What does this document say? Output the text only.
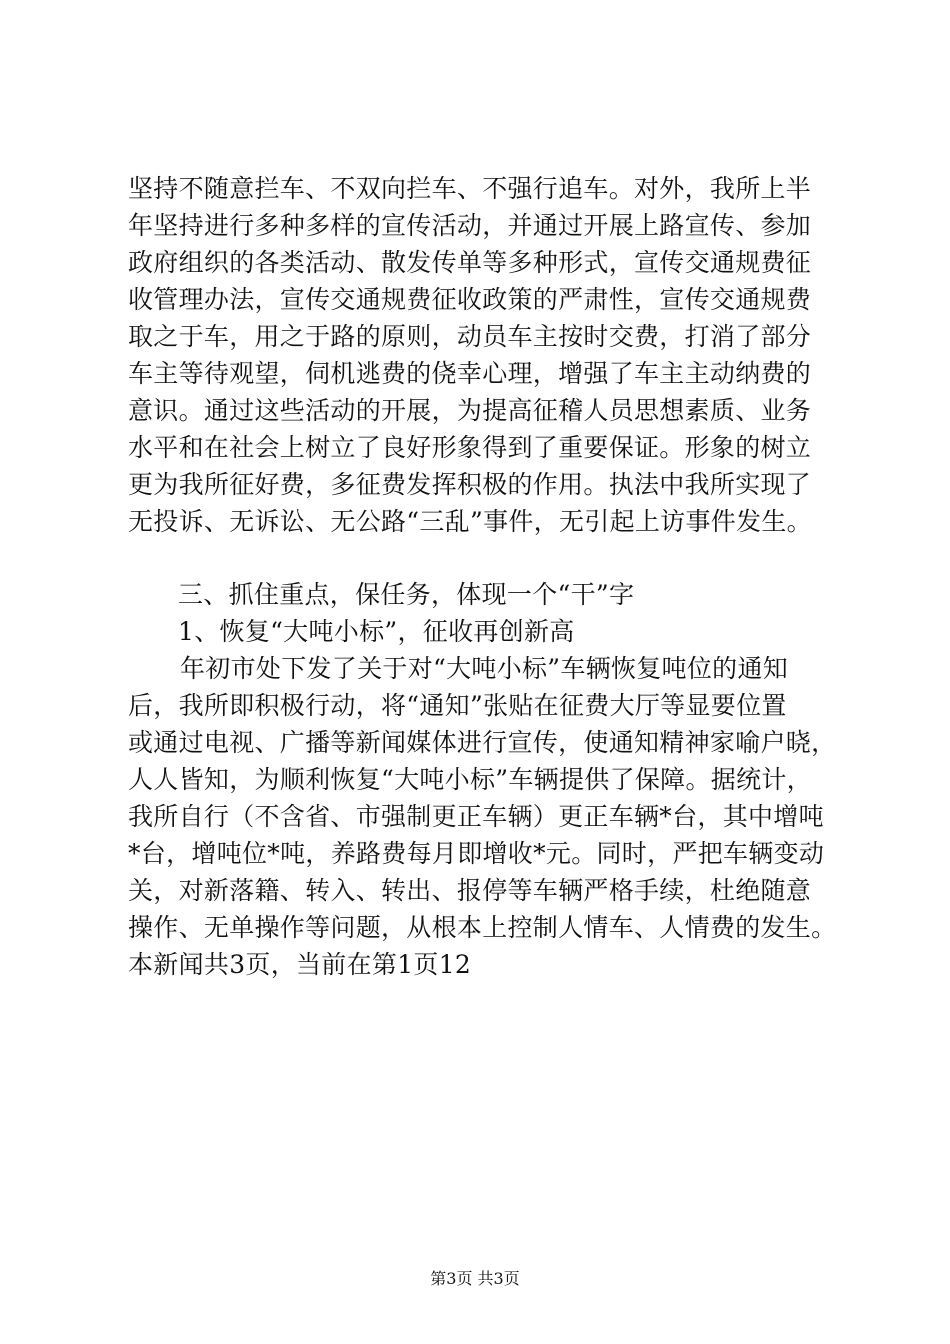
坚持不随意拦车、不双向拦车、不强行追车。对外，我所上半
年坚持进行多种多样的宣传活动，并通过开展上路宣传、参加
政府组织的各类活动、散发传单等多种形式，宣传交通规费征
收管理办法，宣传交通规费征收政策的严肃性，宣传交通规费
取之于车，用之于路的原则，动员车主按时交费，打消了部分
车主等待观望，伺机逃费的侥幸心理，增强了车主主动纳费的
意识。通过这些活动的开展，为提高征稽人员思想素质、业务
水平和在社会上树立了良好形象得到了重要保证。形象的树立
更为我所征好费，多征费发挥积极的作用。执法中我所实现了
无投诉、无诉讼、无公路“三乱”事件，无引起上访事件发生。
三、抓住重点，保任务，体现一个“干”字
1、恢复“大吨小标”，征收再创新高
年初市处下发了关于对“大吨小标”车辆恢复吨位的通知
后，我所即积极行动，将“通知”张贴在征费大厅等显要位置
或通过电视、广播等新闻媒体进行宣传，使通知精神家喻户晓，
人人皆知，为顺利恢复“大吨小标”车辆提供了保障。据统计，
我所自行（不含省、市强制更正车辆）更正车辆*台，其中增吨
*台，增吨位*吨，养路费每月即增收*元。同时，严把车辆变动
关，对新落籍、转入、转出、报停等车辆严格手续，杜绝随意
操作、无单操作等问题，从根本上控制人情车、人情费的发生。
本新闻共3页，当前在第1页12
第3页 共3页
